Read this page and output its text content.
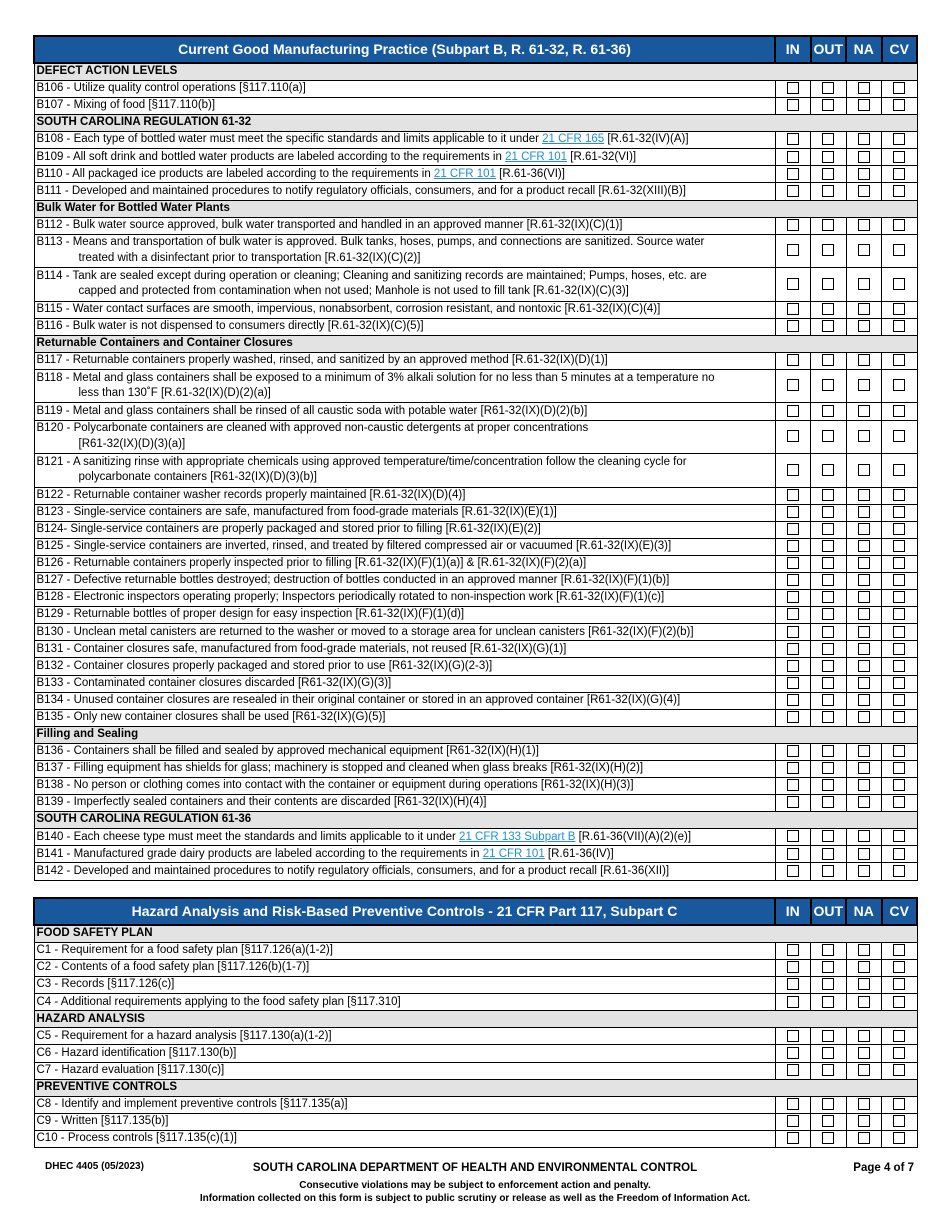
Current Good Manufacturing Practice (Subpart B, R. 61-32, R. 61-36)	IN	OUT	NA	CV
DEFECT ACTION LEVELS				
B106 - Utilize quality control operations [§117.110(a)]				
B107 - Mixing of food [§117.110(b)]				
SOUTH CAROLINA REGULATION 61-32				
B108 - Each type of bottled water must meet the specific standards and limits applicable to it under 21 CFR 165 [R.61-32(IV)(A)]				
B109 - All soft drink and bottled water products are labeled according to the requirements in 21 CFR 101 [R.61-32(VI)]				
B110 - All packaged ice products are labeled according to the requirements in 21 CFR 101 [R.61-36(VI)]				
B111 - Developed and maintained procedures to notify regulatory officials, consumers, and for a product recall [R.61-32(XIII)(B)]				
Bulk Water for Bottled Water Plants				
B112 - Bulk water source approved, bulk water transported and handled in an approved manner [R.61-32(IX)(C)(1)]				

B113 - Means and transportation of bulk water is approved. Bulk tanks, hoses, pumps, and connections are sanitized. Source water
treated with a disinfectant prior to transportation [R.61-32(IX)(C)(2)]				

B114 - Tank are sealed except during operation or cleaning; Cleaning and sanitizing records are maintained; Pumps, hoses, etc. are
capped and protected from contamination when not used; Manhole is not used to fill tank [R.61-32(IX)(C)(3)]				

B115 - Water contact surfaces are smooth, impervious, nonabsorbent, corrosion resistant, and nontoxic [R.61-32(IX)(C)(4)]				
B116 - Bulk water is not dispensed to consumers directly [R.61-32(IX)(C)(5)]				
Returnable Containers and Container Closures				
B117 - Returnable containers properly washed, rinsed, and sanitized by an approved method [R.61-32(IX)(D)(1)]				

B118 - Metal and glass containers shall be exposed to a minimum of 3% alkali solution for no less than 5 minutes at a temperature no
less than 130˚F [R.61-32(IX)(D)(2)(a)]				

B119 - Metal and glass containers shall be rinsed of all caustic soda with potable water [R61-32(IX)(D)(2)(b)]				

B120 - Polycarbonate containers are cleaned with approved non-caustic detergents at proper concentrations
[R61-32(IX)(D)(3)(a)]				

B121 - A sanitizing rinse with appropriate chemicals using approved temperature/time/concentration follow the cleaning cycle for
polycarbonate containers [R61-32(IX)(D)(3)(b)]				

B122 - Returnable container washer records properly maintained [R.61-32(IX)(D)(4)]				
B123 - Single-service containers are safe, manufactured from food-grade materials [R.61-32(IX)(E)(1)]				
B124- Single-service containers are properly packaged and stored prior to filling [R.61-32(IX)(E)(2)]				
B125 - Single-service containers are inverted, rinsed, and treated by filtered compressed air or vacuumed [R.61-32(IX)(E)(3)]				
B126 - Returnable containers properly inspected prior to filling [R.61-32(IX)(F)(1)(a)] & [R.61-32(IX)(F)(2)(a)]				
B127 - Defective returnable bottles destroyed; destruction of bottles conducted in an approved manner [R.61-32(IX)(F)(1)(b)]				
B128 - Electronic inspectors operating properly; Inspectors periodically rotated to non-inspection work [R.61-32(IX)(F)(1)(c)]				
B129 - Returnable bottles of proper design for easy inspection [R.61-32(IX)(F)(1)(d)]				
B130 - Unclean metal canisters are returned to the washer or moved to a storage area for unclean canisters [R61-32(IX)(F)(2)(b)]				
B131 - Container closures safe, manufactured from food-grade materials, not reused [R.61-32(IX)(G)(1)]				
B132 - Container closures properly packaged and stored prior to use [R61-32(IX)(G)(2-3)]				
B133 - Contaminated container closures discarded [R61-32(IX)(G)(3)]				
B134 - Unused container closures are resealed in their original container or stored in an approved container [R61-32(IX)(G)(4)]				
B135 - Only new container closures shall be used [R61-32(IX)(G)(5)]				
Filling and Sealing				
B136 - Containers shall be filled and sealed by approved mechanical equipment [R61-32(IX)(H)(1)]				
B137 - Filling equipment has shields for glass; machinery is stopped and cleaned when glass breaks [R61-32(IX)(H)(2)]				
B138 - No person or clothing comes into contact with the container or equipment during operations [R61-32(IX)(H)(3)]				
B139 - Imperfectly sealed containers and their contents are discarded [R61-32(IX)(H)(4)]				
SOUTH CAROLINA REGULATION 61-36				
B140 - Each cheese type must meet the standards and limits applicable to it under 21 CFR 133 Subpart B [R.61-36(VII)(A)(2)(e)]				
B141 - Manufactured grade dairy products are labeled according to the requirements in 21 CFR 101 [R.61-36(IV)]				
B142 - Developed and maintained procedures to notify regulatory officials, consumers, and for a product recall [R.61-36(XII)]				
Hazard Analysis and Risk-Based Preventive Controls - 21 CFR Part 117, Subpart C	IN	OUT	NA	CV
FOOD SAFETY PLAN				
C1 - Requirement for a food safety plan [§117.126(a)(1-2)]				
C2 - Contents of a food safety plan [§117.126(b)(1-7)]				
C3 - Records [§117.126(c)]				
C4 - Additional requirements applying to the food safety plan [§117.310]				
HAZARD ANALYSIS				
C5 - Requirement for a hazard analysis [§117.130(a)(1-2)]				
C6 - Hazard identification [§117.130(b)]				
C7 - Hazard evaluation [§117.130(c)]				
PREVENTIVE CONTROLS				
C8 - Identify and implement preventive controls [§117.135(a)]				
C9 - Written [§117.135(b)]				
C10 - Process controls [§117.135(c)(1)]				
DHEC 4405 (05/2023)	SOUTH CAROLINA DEPARTMENT OF HEALTH AND ENVIRONMENTAL CONTROL	Page 4 of 7
Consecutive violations may be subject to enforcement action and penalty.
Information collected on this form is subject to public scrutiny or release as well as the Freedom of Information Act.
